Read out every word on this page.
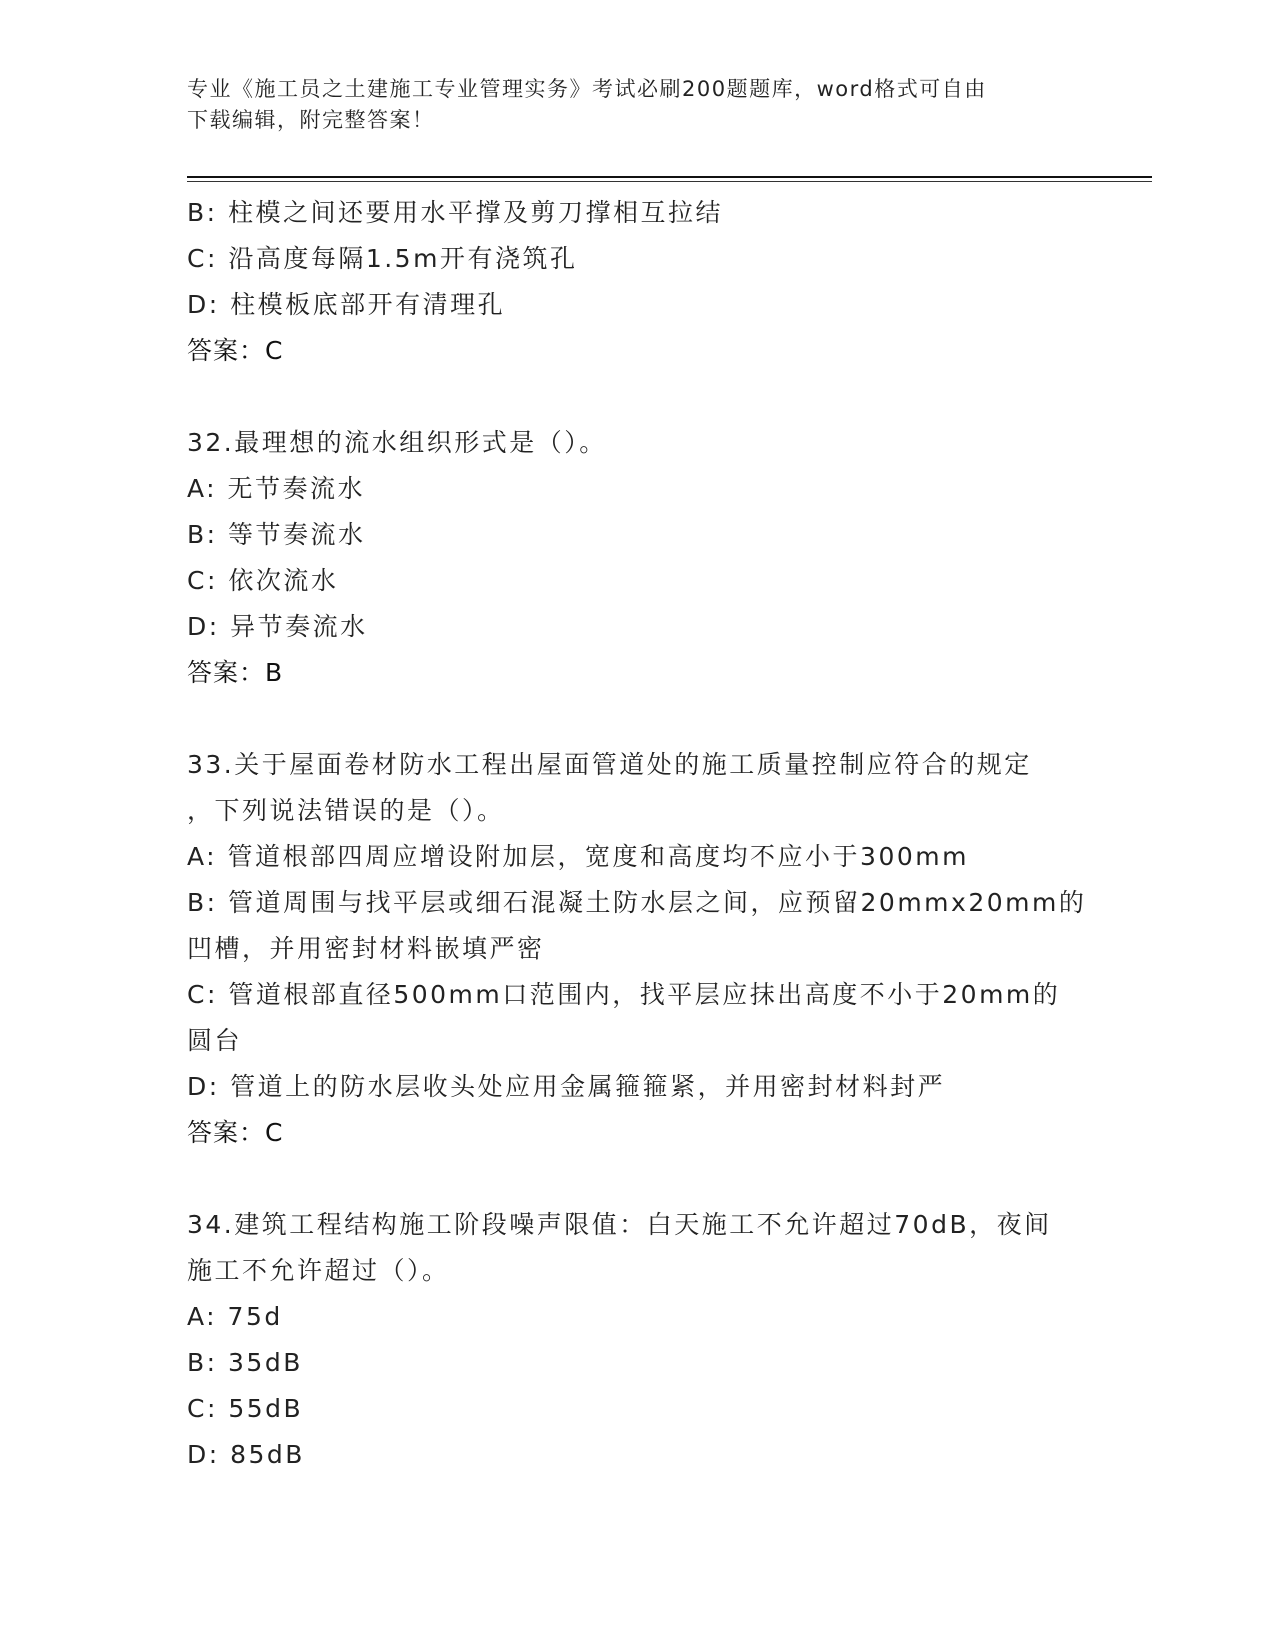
专业《施工员之土建施工专业管理实务》考试必刷200题题库，word格式可自由
下载编辑，附完整答案！
B: 柱模之间还要用水平撑及剪刀撑相互拉结
C: 沿高度每隔1.5m开有浇筑孔
D: 柱模板底部开有清理孔
答案：C
32.最理想的流水组织形式是（）。
A: 无节奏流水
B: 等节奏流水
C: 依次流水
D: 异节奏流水
答案：B
33.关于屋面卷材防水工程出屋面管道处的施工质量控制应符合的规定
，下列说法错误的是（）。
A: 管道根部四周应增设附加层，宽度和高度均不应小于300mm
B: 管道周围与找平层或细石混凝土防水层之间，应预留20mmx20mm的
凹槽，并用密封材料嵌填严密
C: 管道根部直径500mm口范围内，找平层应抹出高度不小于20mm的
圆台
D: 管道上的防水层收头处应用金属箍箍紧，并用密封材料封严
答案：C
34.建筑工程结构施工阶段噪声限值：白天施工不允许超过70dB，夜间
施工不允许超过（）。
A: 75d
B: 35dB
C: 55dB
D: 85dB
